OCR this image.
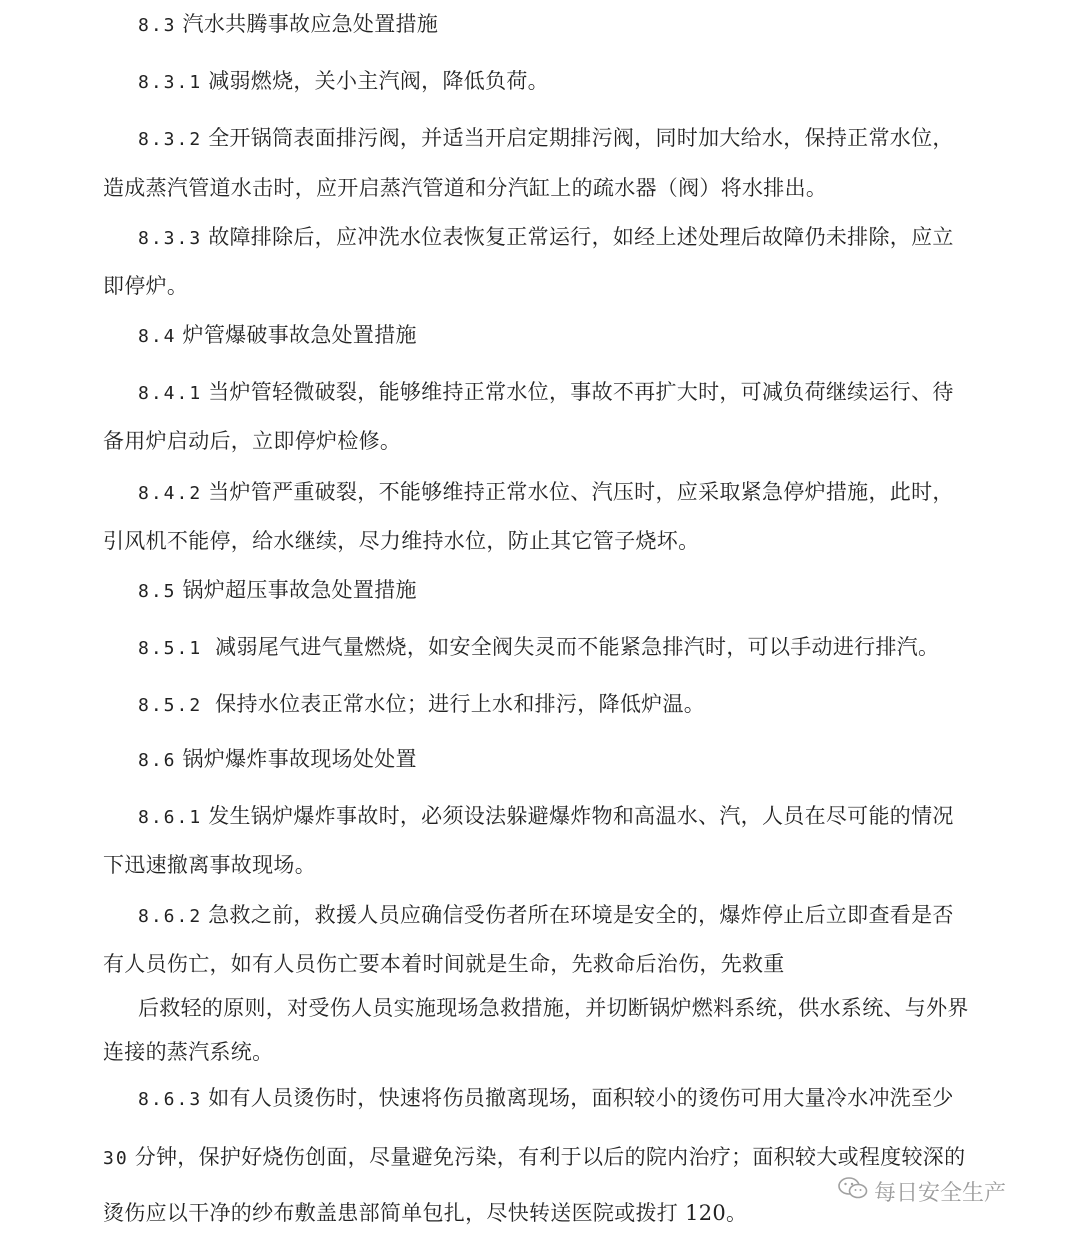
8.3 汽水共腾事故应急处置措施
8.3.1 减弱燃烧，关小主汽阀，降低负荷。
8.3.2 全开锅筒表面排污阀，并适当开启定期排污阀，同时加大给水，保持正常水位，
造成蒸汽管道水击时，应开启蒸汽管道和分汽缸上的疏水器（阀）将水排出。
8.3.3 故障排除后，应冲洗水位表恢复正常运行，如经上述处理后故障仍未排除，应立
即停炉。
8.4 炉管爆破事故急处置措施
8.4.1 当炉管轻微破裂，能够维持正常水位，事故不再扩大时，可减负荷继续运行、待
备用炉启动后，立即停炉检修。
8.4.2 当炉管严重破裂，不能够维持正常水位、汽压时，应采取紧急停炉措施，此时，
引风机不能停，给水继续，尽力维持水位，防止其它管子烧坏。
8.5 锅炉超压事故急处置措施
8.5.1 减弱尾气进气量燃烧，如安全阀失灵而不能紧急排汽时，可以手动进行排汽。
8.5.2 保持水位表正常水位；进行上水和排污，降低炉温。
8.6 锅炉爆炸事故现场处处置
8.6.1 发生锅炉爆炸事故时，必须设法躲避爆炸物和高温水、汽，人员在尽可能的情况
下迅速撤离事故现场。
8.6.2 急救之前，救援人员应确信受伤者所在环境是安全的，爆炸停止后立即查看是否
有人员伤亡，如有人员伤亡要本着时间就是生命，先救命后治伤，先救重
后救轻的原则，对受伤人员实施现场急救措施，并切断锅炉燃料系统，供水系统、与外界
连接的蒸汽系统。
8.6.3 如有人员烫伤时，快速将伤员撤离现场，面积较小的烫伤可用大量冷水冲洗至少
30 分钟，保护好烧伤创面，尽量避免污染，有利于以后的院内治疗；面积较大或程度较深的
烫伤应以干净的纱布敷盖患部简单包扎，尽快转送医院或拨打 120。
每日安全生产
